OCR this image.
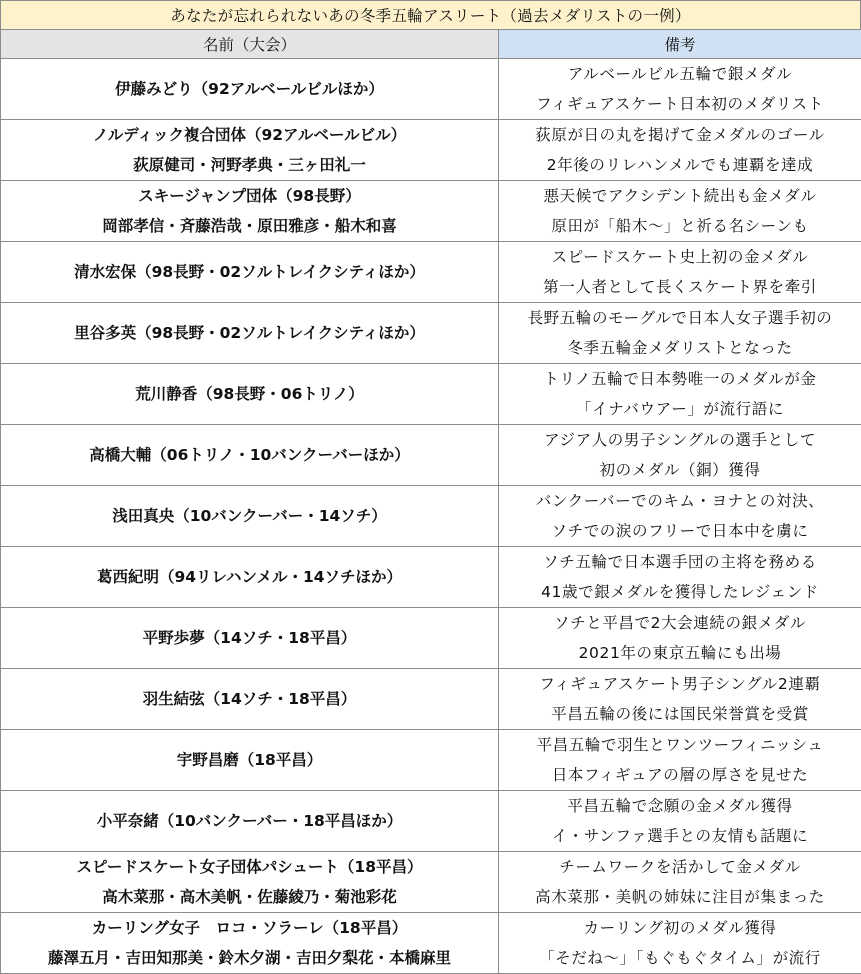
あなたが忘れられないあの冬季五輪アスリート（過去メダリストの一例）
名前（大会）	備考

伊藤みどり（92アルベールビルほか）	アルベールビル五輪で銀メダル
フィギュアスケート日本初のメダリスト

ノルディック複合団体（92アルベールビル）
荻原健司・河野孝典・三ヶ田礼一	荻原が日の丸を掲げて金メダルのゴール
2年後のリレハンメルでも連覇を達成

スキージャンプ団体（98長野）
岡部孝信・斉藤浩哉・原田雅彦・船木和喜	悪天候でアクシデント続出も金メダル
原田が「船木～」と祈る名シーンも

清水宏保（98長野・02ソルトレイクシティほか）	スピードスケート史上初の金メダル
第一人者として長くスケート界を牽引

里谷多英（98長野・02ソルトレイクシティほか）	長野五輪のモーグルで日本人女子選手初の
冬季五輪金メダリストとなった

荒川静香（98長野・06トリノ）	トリノ五輪で日本勢唯一のメダルが金
「イナバウアー」が流行語に

高橋大輔（06トリノ・10バンクーバーほか）	アジア人の男子シングルの選手として
初のメダル（銅）獲得

浅田真央（10バンクーバー・14ソチ）	バンクーバーでのキム・ヨナとの対決、
ソチでの涙のフリーで日本中を虜に

葛西紀明（94リレハンメル・14ソチほか）	ソチ五輪で日本選手団の主将を務める
41歳で銀メダルを獲得したレジェンド

平野歩夢（14ソチ・18平昌）	ソチと平昌で2大会連続の銀メダル
2021年の東京五輪にも出場

羽生結弦（14ソチ・18平昌）	フィギュアスケート男子シングル2連覇
平昌五輪の後には国民栄誉賞を受賞

宇野昌磨（18平昌）	平昌五輪で羽生とワンツーフィニッシュ
日本フィギュアの層の厚さを見せた

小平奈緒（10バンクーバー・18平昌ほか）	平昌五輪で念願の金メダル獲得
イ・サンファ選手との友情も話題に

スピードスケート女子団体パシュート（18平昌）
高木菜那・高木美帆・佐藤綾乃・菊池彩花	チームワークを活かして金メダル
高木菜那・美帆の姉妹に注目が集まった

カーリング女子　ロコ・ソラーレ（18平昌）
藤澤五月・吉田知那美・鈴木夕湖・吉田夕梨花・本橋麻里	カーリング初のメダル獲得
「そだね～」「もぐもぐタイム」が流行
